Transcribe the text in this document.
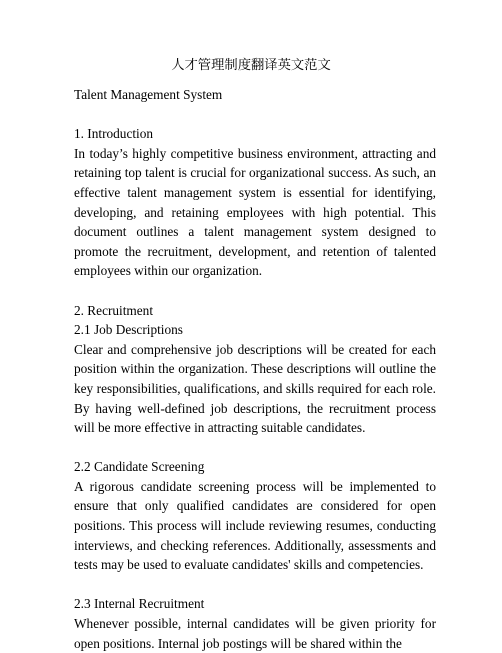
人才管理制度翻译英文范文

Talent Management System

1. Introduction

In today’s highly competitive business environment, attracting and retaining top talent is crucial for organizational success. As such, an effective talent management system is essential for identifying, developing, and retaining employees with high potential. This document outlines a talent management system designed to promote the recruitment, development, and retention of talented employees within our organization.

2. Recruitment

2.1 Job Descriptions

Clear and comprehensive job descriptions will be created for each position within the organization. These descriptions will outline the key responsibilities, qualifications, and skills required for each role. By having well-defined job descriptions, the recruitment process will be more effective in attracting suitable candidates.

2.2 Candidate Screening

A rigorous candidate screening process will be implemented to ensure that only qualified candidates are considered for open positions. This process will include reviewing resumes, conducting interviews, and checking references. Additionally, assessments and tests may be used to evaluate candidates' skills and competencies.

2.3 Internal Recruitment

Whenever possible, internal candidates will be given priority for open positions. Internal job postings will be shared within the
